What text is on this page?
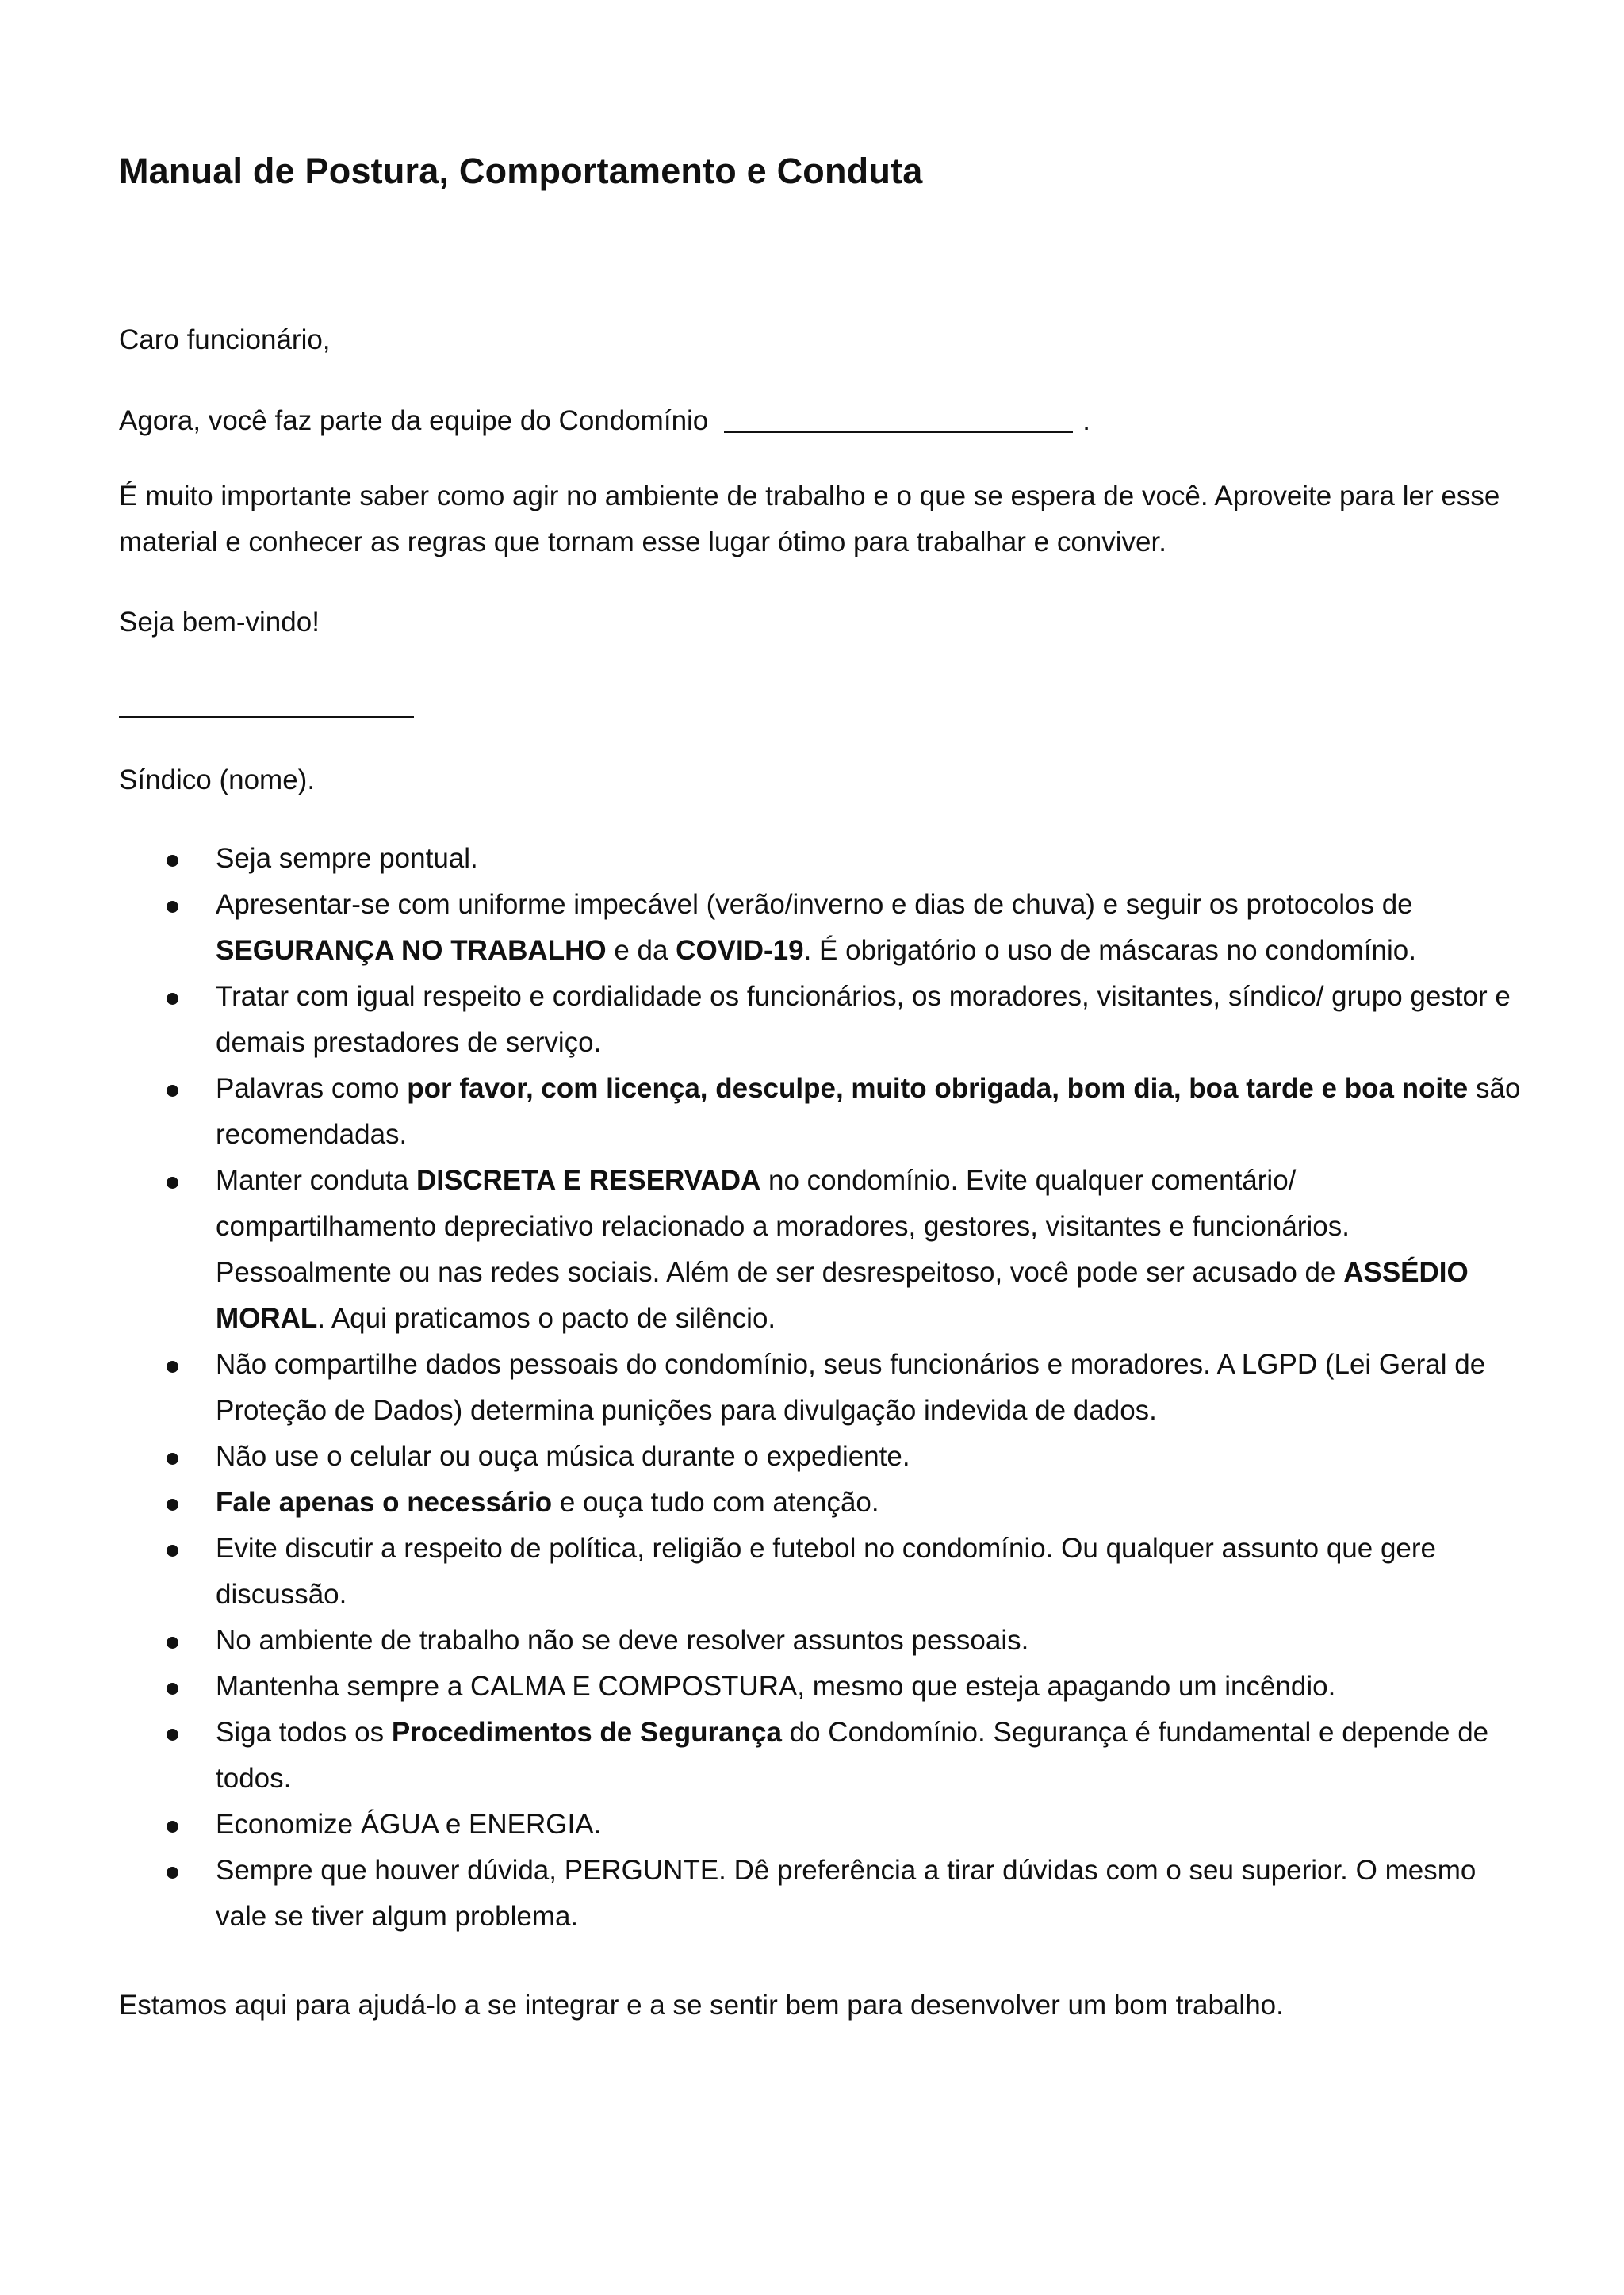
Manual de Postura, Comportamento e Conduta

Caro funcionário,

Agora, você faz parte da equipe do Condomínio	.

É muito importante saber como agir no ambiente de trabalho e o que se espera de você. Aproveite para ler esse material e conhecer as regras que tornam esse lugar ótimo para trabalhar e conviver.

Seja bem-vindo!

Síndico (nome).

Seja sempre pontual.
Apresentar-se com uniforme impecável (verão/inverno e dias de chuva) e seguir os protocolos de SEGURANÇA NO TRABALHO e da COVID-19. É obrigatório o uso de máscaras no condomínio.
Tratar com igual respeito e cordialidade os funcionários, os moradores, visitantes, síndico/ grupo gestor e demais prestadores de serviço.
Palavras como por favor, com licença, desculpe, muito obrigada, bom dia, boa tarde e boa noite são recomendadas.
Manter conduta DISCRETA E RESERVADA no condomínio. Evite qualquer comentário/ compartilhamento depreciativo relacionado a moradores, gestores, visitantes e funcionários. Pessoalmente ou nas redes sociais. Além de ser desrespeitoso, você pode ser acusado de ASSÉDIO MORAL. Aqui praticamos o pacto de silêncio.
Não compartilhe dados pessoais do condomínio, seus funcionários e moradores. A LGPD (Lei Geral de Proteção de Dados) determina punições para divulgação indevida de dados.
Não use o celular ou ouça música durante o expediente.
Fale apenas o necessário e ouça tudo com atenção.
Evite discutir a respeito de política, religião e futebol no condomínio. Ou qualquer assunto que gere discussão.
No ambiente de trabalho não se deve resolver assuntos pessoais.
Mantenha sempre a CALMA E COMPOSTURA, mesmo que esteja apagando um incêndio.
Siga todos os Procedimentos de Segurança do Condomínio. Segurança é fundamental e depende de todos.
Economize ÁGUA e ENERGIA.
Sempre que houver dúvida, PERGUNTE. Dê preferência a tirar dúvidas com o seu superior. O mesmo vale se tiver algum problema.

Estamos aqui para ajudá-lo a se integrar e a se sentir bem para desenvolver um bom trabalho.
